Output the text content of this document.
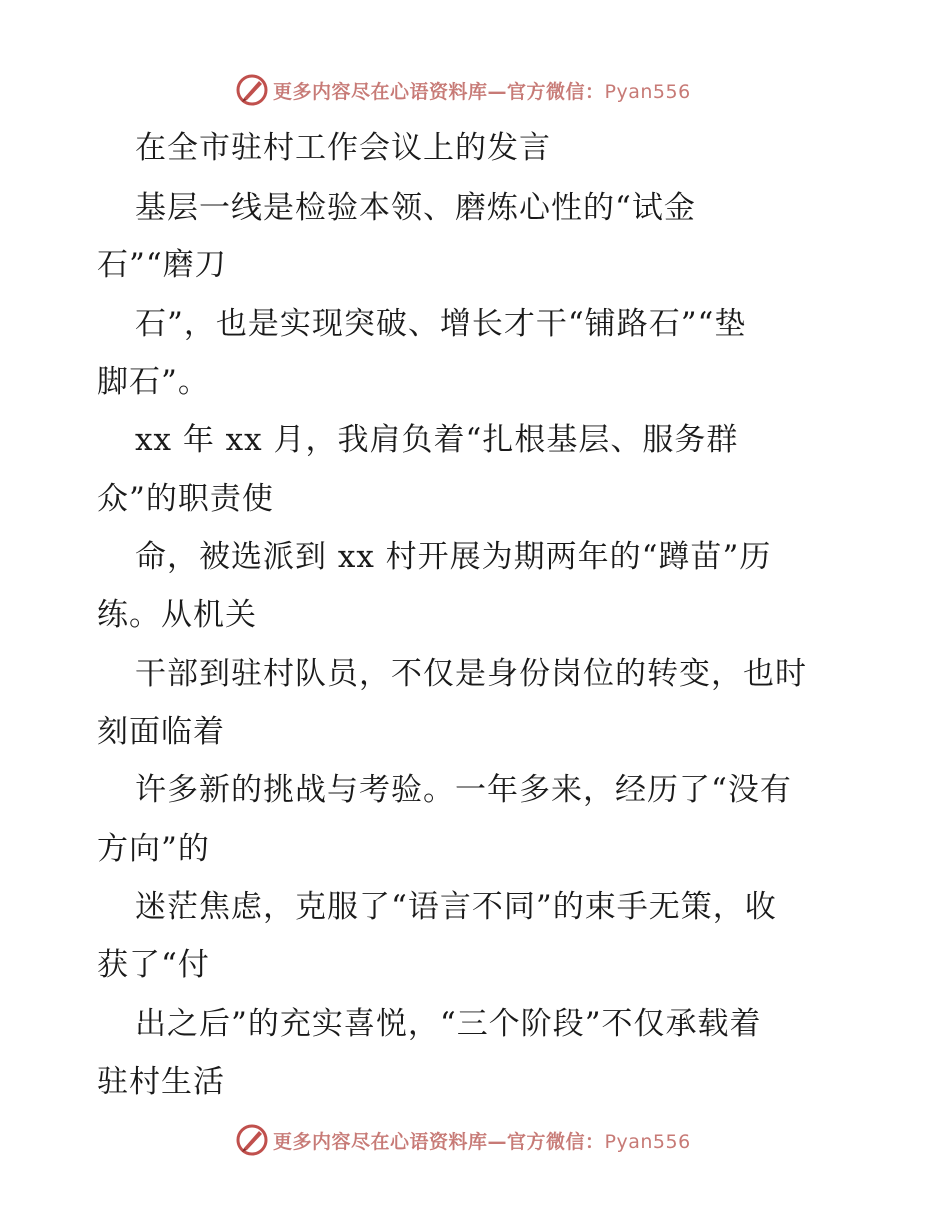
更多内容尽在心语资料库—官方微信：Pyan556
在全市驻村工作会议上的发言
基层一线是检验本领、磨炼心性的“试金
石”“磨刀
石”，也是实现突破、增长才干“铺路石”“垫
脚石”。
xx 年 xx 月，我肩负着“扎根基层、服务群
众”的职责使
命，被选派到 xx 村开展为期两年的“蹲苗”历
练。从机关
干部到驻村队员，不仅是身份岗位的转变，也时
刻面临着
许多新的挑战与考验。一年多来，经历了“没有
方向”的
迷茫焦虑，克服了“语言不同”的束手无策，收
获了“付
出之后”的充实喜悦，“三个阶段”不仅承载着
驻村生活
更多内容尽在心语资料库—官方微信：Pyan556
